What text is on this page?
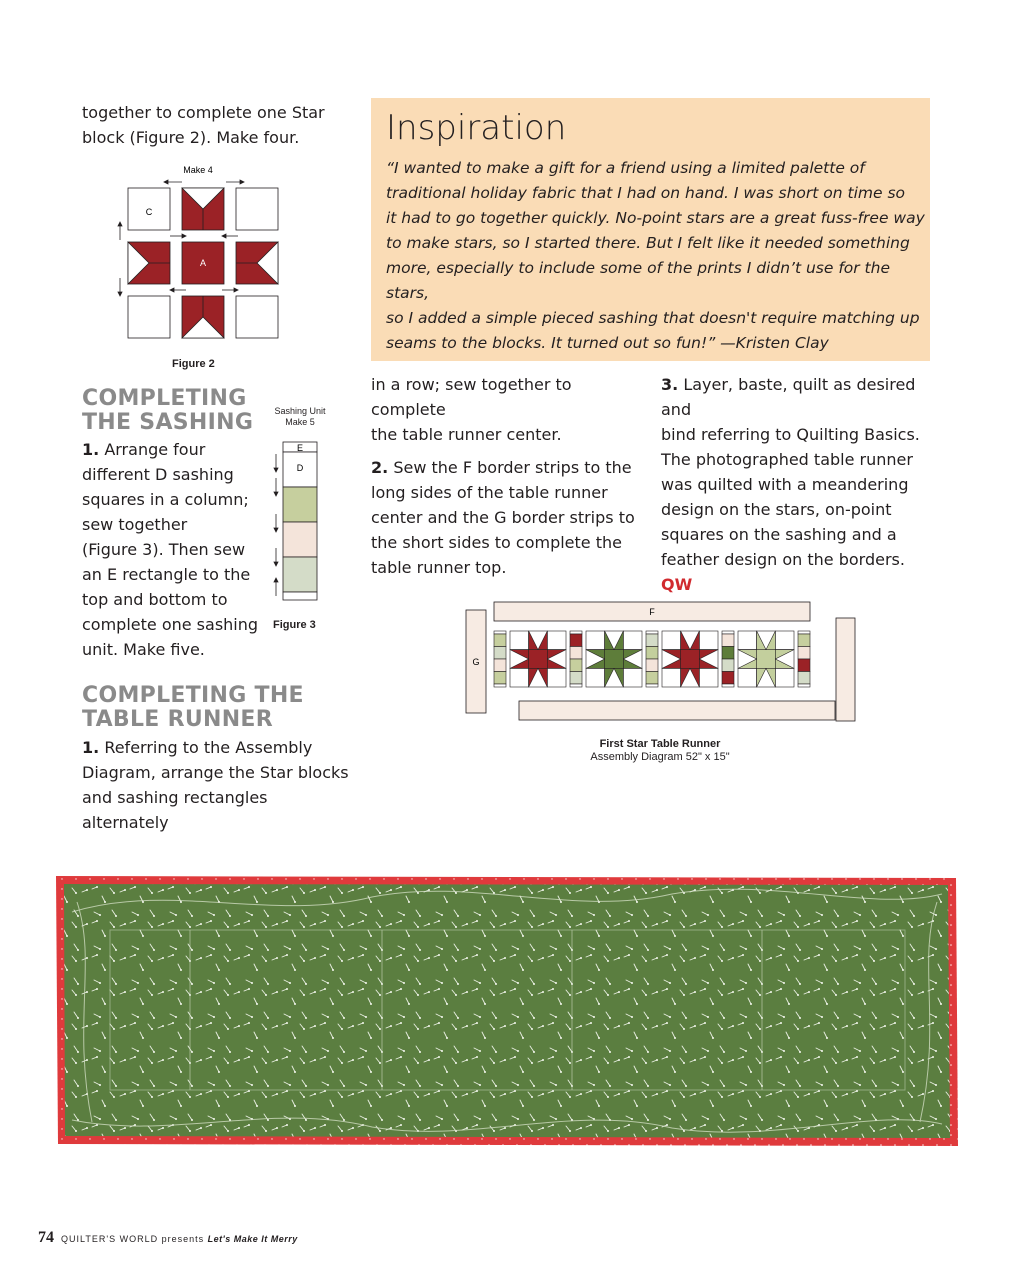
together to complete one Star
block (Figure 2). Make four.
Make 4
C
A
Figure 2
COMPLETING
THE SASHING
1. Arrange four
different D sashing
squares in a column;
sew together
(Figure 3). Then sew
an E rectangle to the
top and bottom to
complete one sashing
unit. Make five.
Sashing Unit
Make 5
E
D
Figure 3
COMPLETING THE
TABLE RUNNER
1. Referring to the Assembly
Diagram, arrange the Star blocks
and sashing rectangles alternately
Inspiration
“I wanted to make a gift for a friend using a limited palette of
traditional holiday fabric that I had on hand. I was short on time so
it had to go together quickly. No-point stars are a great fuss-free way
to make stars, so I started there. But I felt like it needed something
more, especially to include some of the prints I didn’t use for the stars,
so I added a simple pieced sashing that doesn't require matching up
seams to the blocks. It turned out so fun!” —Kristen Clay
in a row; sew together to complete
the table runner center.
2. Sew the F border strips to the
long sides of the table runner
center and the G border strips to
the short sides to complete the
table runner top.
3. Layer, baste, quilt as desired and
bind referring to Quilting Basics.
The photographed table runner
was quilted with a meandering
design on the stars, on-point
squares on the sashing and a
feather design on the borders. QW
F
G
First Star Table Runner
Assembly Diagram 52" x 15"
74 QUILTER'S WORLD presents Let's Make It Merry
